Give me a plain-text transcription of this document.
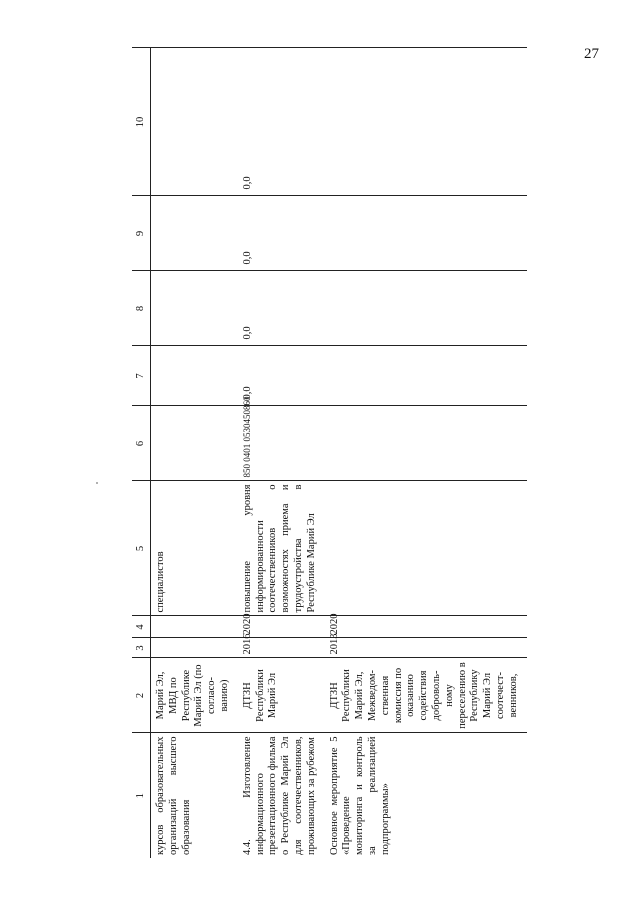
27
1	2	3	4	5	6	7	8	9	10
курсов образовательных организаций высшего образования	Марий Эл, МВД по Республике Марий Эл (по согласо-ванию)			специалистов					
4.4. Изготовление информационного презентационного фильма о Республике Марий Эл для соотечественников, проживающих за рубежом	ДТЗН Республики Марий Эл	2016	2020	повышение уровня информированности соотечественников о возможностях приема и трудоустройства в Республике Марий Эл	850 0401 0530450860	0,0	0,0	0,0	0,0
Основное мероприятие 5 «Проведение мониторинга и контроль за реализацией подпрограммы»	ДТЗН Республики Марий Эл, Межведом-ственная комиссия по оказанию содействия доброволь-ному переселению в Республику Марий Эл соотечест-венников,	2013	2020						
